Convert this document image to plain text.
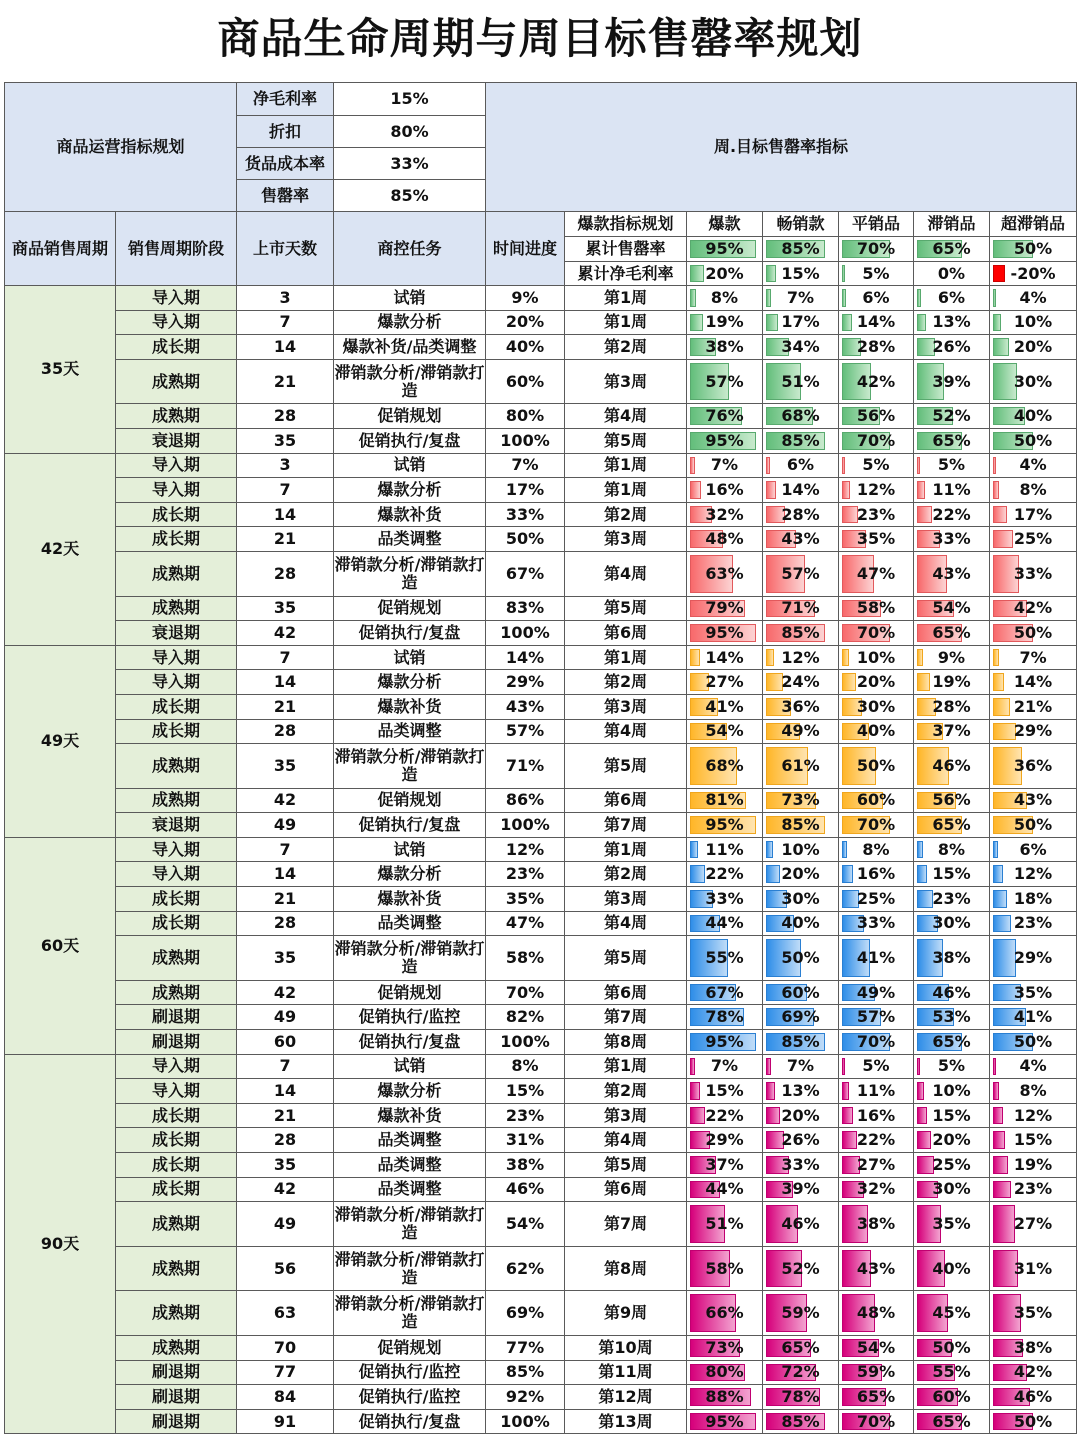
商品生命周期与周目标售罄率规划
商品运营指标规划		净毛利率	15%	周.目标售罄率指标						
		折扣	80%							
		货品成本率	33%							
		售罄率	85%							
商品销售周期	销售周期阶段	上市天数	商控任务	时间进度	爆款指标规划	爆款	畅销款	平销品	滞销品	超滞销品
					累计售罄率	95%	85%	70%	65%	50%
					累计净毛利率	20%	15%	5%	0%	-20%
35天	导入期	3	试销	9%	第1周	8%	7%	6%	6%	4%
	导入期	7	爆款分析	20%	第1周	19%	17%	14%	13%	10%
	成长期	14	爆款补货/品类调整	40%	第2周	38%	34%	28%	26%	20%
	成熟期	21	滞销款分析/滞销款打造	60%	第3周	57%	51%	42%	39%	30%
	成熟期	28	促销规划	80%	第4周	76%	68%	56%	52%	40%
	衰退期	35	促销执行/复盘	100%	第5周	95%	85%	70%	65%	50%
42天	导入期	3	试销	7%	第1周	7%	6%	5%	5%	4%
	导入期	7	爆款分析	17%	第1周	16%	14%	12%	11%	8%
	成长期	14	爆款补货	33%	第2周	32%	28%	23%	22%	17%
	成长期	21	品类调整	50%	第3周	48%	43%	35%	33%	25%
	成熟期	28	滞销款分析/滞销款打造	67%	第4周	63%	57%	47%	43%	33%
	成熟期	35	促销规划	83%	第5周	79%	71%	58%	54%	42%
	衰退期	42	促销执行/复盘	100%	第6周	95%	85%	70%	65%	50%
49天	导入期	7	试销	14%	第1周	14%	12%	10%	9%	7%
	导入期	14	爆款分析	29%	第2周	27%	24%	20%	19%	14%
	成长期	21	爆款补货	43%	第3周	41%	36%	30%	28%	21%
	成长期	28	品类调整	57%	第4周	54%	49%	40%	37%	29%
	成熟期	35	滞销款分析/滞销款打造	71%	第5周	68%	61%	50%	46%	36%
	成熟期	42	促销规划	86%	第6周	81%	73%	60%	56%	43%
	衰退期	49	促销执行/复盘	100%	第7周	95%	85%	70%	65%	50%
60天	导入期	7	试销	12%	第1周	11%	10%	8%	8%	6%
	导入期	14	爆款分析	23%	第2周	22%	20%	16%	15%	12%
	成长期	21	爆款补货	35%	第3周	33%	30%	25%	23%	18%
	成长期	28	品类调整	47%	第4周	44%	40%	33%	30%	23%
	成熟期	35	滞销款分析/滞销款打造	58%	第5周	55%	50%	41%	38%	29%
	成熟期	42	促销规划	70%	第6周	67%	60%	49%	46%	35%
	刷退期	49	促销执行/监控	82%	第7周	78%	69%	57%	53%	41%
	刷退期	60	促销执行/复盘	100%	第8周	95%	85%	70%	65%	50%
90天	导入期	7	试销	8%	第1周	7%	7%	5%	5%	4%
	导入期	14	爆款分析	15%	第2周	15%	13%	11%	10%	8%
	成长期	21	爆款补货	23%	第3周	22%	20%	16%	15%	12%
	成长期	28	品类调整	31%	第4周	29%	26%	22%	20%	15%
	成长期	35	品类调整	38%	第5周	37%	33%	27%	25%	19%
	成长期	42	品类调整	46%	第6周	44%	39%	32%	30%	23%
	成熟期	49	滞销款分析/滞销款打造	54%	第7周	51%	46%	38%	35%	27%
	成熟期	56	滞销款分析/滞销款打造	62%	第8周	58%	52%	43%	40%	31%
	成熟期	63	滞销款分析/滞销款打造	69%	第9周	66%	59%	48%	45%	35%
	成熟期	70	促销规划	77%	第10周	73%	65%	54%	50%	38%
	刷退期	77	促销执行/监控	85%	第11周	80%	72%	59%	55%	42%
	刷退期	84	促销执行/监控	92%	第12周	88%	78%	65%	60%	46%
	刷退期	91	促销执行/复盘	100%	第13周	95%	85%	70%	65%	50%
